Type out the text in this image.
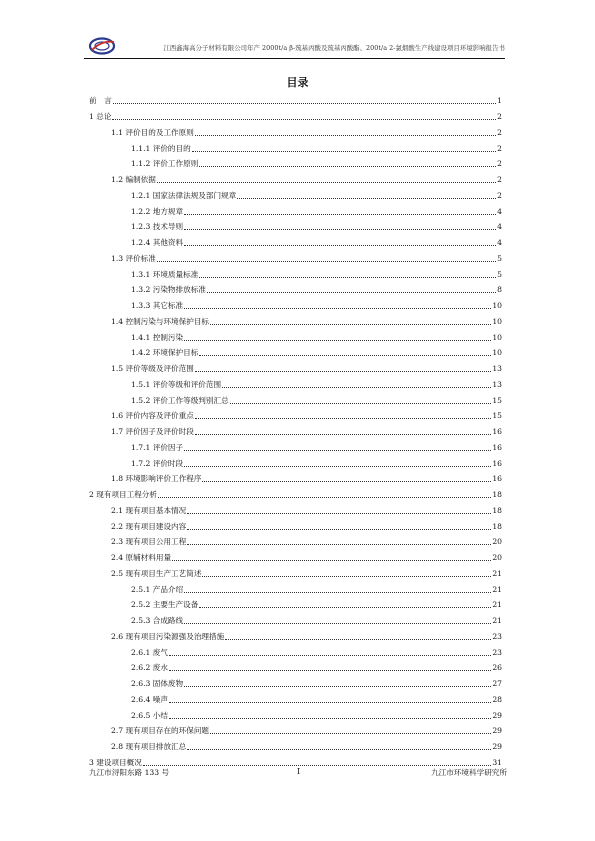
江西鑫海高分子材料有限公司年产 2000t/a β-巯基丙酸及巯基丙酸酯、200t/a 2-氯烟酸生产线建设项目环境影响报告书
目录
前　言	1
1 总论	2
1.1 评价目的及工作原则	2
1.1.1 评价的目的	2
1.1.2 评价工作原则	2
1.2 编制依据	2
1.2.1 国家法律法规及部门规章	2
1.2.2 地方规章	4
1.2.3 技术导则	4
1.2.4 其他资料	4
1.3 评价标准	5
1.3.1 环境质量标准	5
1.3.2 污染物排放标准	8
1.3.3 其它标准	10
1.4 控制污染与环境保护目标	10
1.4.1 控制污染	10
1.4.2 环境保护目标	10
1.5 评价等级及评价范围	13
1.5.1 评价等级和评价范围	13
1.5.2 评价工作等级判别汇总	15
1.6 评价内容及评价重点	15
1.7 评价因子及评价时段	16
1.7.1 评价因子	16
1.7.2 评价时段	16
1.8 环境影响评价工作程序	16
2 现有项目工程分析	18
2.1 现有项目基本情况	18
2.2 现有项目建设内容	18
2.3 现有项目公用工程	20
2.4 原辅材料用量	20
2.5 现有项目生产工艺简述	21
2.5.1 产品介绍	21
2.5.2 主要生产设备	21
2.5.3 合成路线	21
2.6 现有项目污染源强及治理措施	23
2.6.1 废气	23
2.6.2 废水	26
2.6.3 固体废物	27
2.6.4 噪声	28
2.6.5 小结	29
2.7 现有项目存在的环保问题	29
2.8 现有项目排放汇总	29
3 建设项目概况	31
九江市浔阳东路 133 号	I	九江市环境科学研究所
